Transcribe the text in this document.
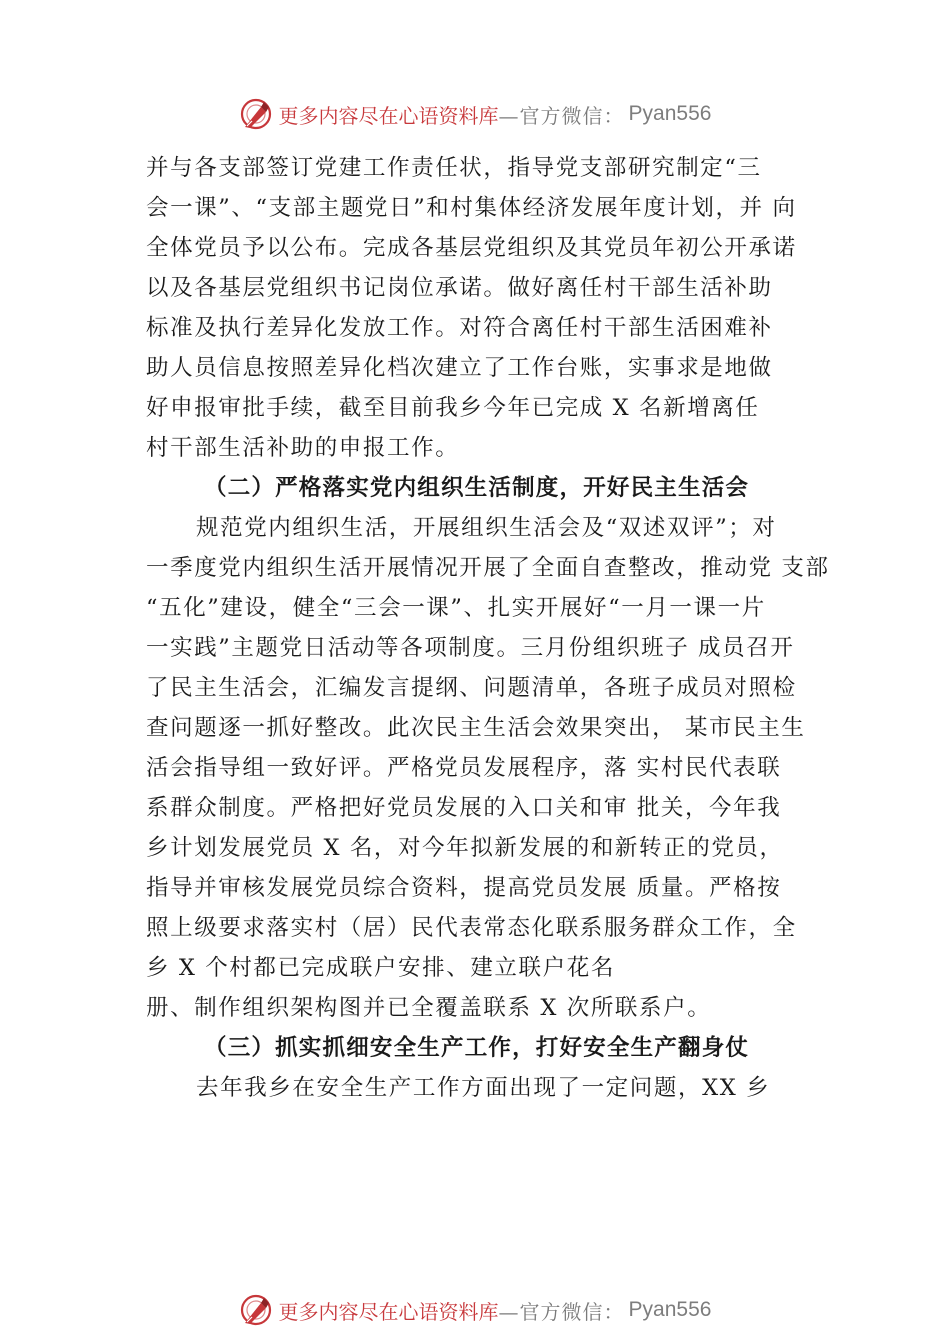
更多内容尽在心语资料库 —官方微信： Pyan556
并与各支部签订党建工作责任状，指导党支部研究制定“三
会一课”、“支部主题党日”和村集体经济发展年度计划，并 向
全体党员予以公布。完成各基层党组织及其党员年初公开承诺
以及各基层党组织书记岗位承诺。做好离任村干部生活补助
标准及执行差异化发放工作。对符合离任村干部生活困难补
助人员信息按照差异化档次建立了工作台账，实事求是地做
好申报审批手续，截至目前我乡今年已完成 X 名新增离任
村干部生活补助的申报工作。
（二）严格落实党内组织生活制度，开好民主生活会
规范党内组织生活，开展组织生活会及“双述双评”；对
一季度党内组织生活开展情况开展了全面自查整改，推动党 支部
“五化”建设，健全“三会一课”、扎实开展好“一月一课一片
一实践”主题党日活动等各项制度。三月份组织班子 成员召开
了民主生活会，汇编发言提纲、问题清单，各班子成员对照检
查问题逐一抓好整改。此次民主生活会效果突出， 某市民主生
活会指导组一致好评。严格党员发展程序，落 实村民代表联
系群众制度。严格把好党员发展的入口关和审 批关，今年我
乡计划发展党员 X 名，对今年拟新发展的和新转正的党员，
指导并审核发展党员综合资料，提高党员发展 质量。严格按
照上级要求落实村（居）民代表常态化联系服务群众工作，全
乡 X 个村都已完成联户安排、建立联户花名
册、制作组织架构图并已全覆盖联系 X 次所联系户。
（三）抓实抓细安全生产工作，打好安全生产翻身仗
去年我乡在安全生产工作方面出现了一定问题，XX 乡
更多内容尽在心语资料库 —官方微信： Pyan556
